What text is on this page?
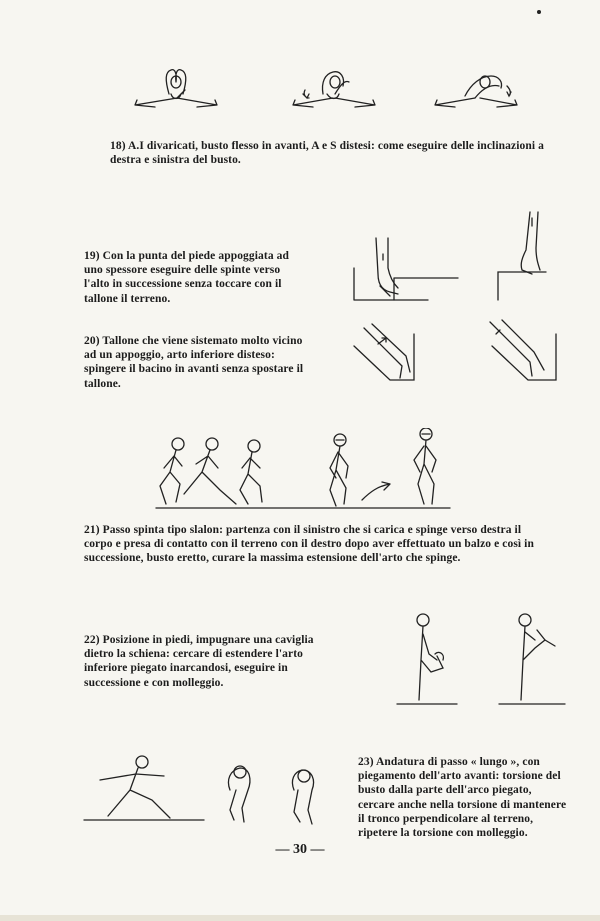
18) A.I divaricati, busto flesso in avanti, A e S distesi: come eseguire delle inclinazioni a destra e sinistra del busto.
19) Con la punta del piede appoggiata ad uno spessore eseguire delle spinte verso l'alto in successione senza toccare con il tallone il terreno.
20) Tallone che viene sistemato molto vicino ad un appoggio, arto inferiore disteso: spingere il bacino in avanti senza spostare il tallone.
21) Passo spinta tipo slalon: partenza con il sinistro che si carica e spinge verso destra il corpo e presa di contatto con il terreno con il destro dopo aver effettuato un balzo e così in successione, busto eretto, curare la massima estensione dell'arto che spinge.
22) Posizione in piedi, impugnare una caviglia dietro la schiena: cercare di estendere l'arto inferiore piegato inarcandosi, eseguire in successione e con molleggio.
23) Andatura di passo « lungo », con piegamento dell'arto avanti: torsione del busto dalla parte dell'arco piegato, cercare anche nella torsione di mantenere il tronco perpendicolare al terreno, ripetere la torsione con molleggio.
— 30 —
